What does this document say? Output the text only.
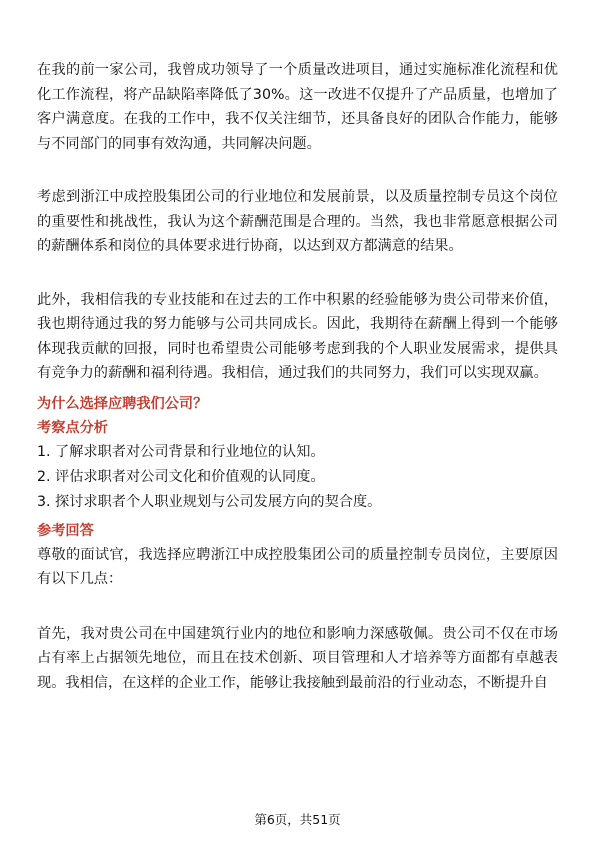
在我的前一家公司，我曾成功领导了一个质量改进项目，通过实施标准化流程和优化工作流程，将产品缺陷率降低了30%。这一改进不仅提升了产品质量，也增加了客户满意度。在我的工作中，我不仅关注细节，还具备良好的团队合作能力，能够与不同部门的同事有效沟通，共同解决问题。

考虑到浙江中成控股集团公司的行业地位和发展前景，以及质量控制专员这个岗位的重要性和挑战性，我认为这个薪酬范围是合理的。当然，我也非常愿意根据公司的薪酬体系和岗位的具体要求进行协商，以达到双方都满意的结果。

此外，我相信我的专业技能和在过去的工作中积累的经验能够为贵公司带来价值，我也期待通过我的努力能够与公司共同成长。因此，我期待在薪酬上得到一个能够体现我贡献的回报，同时也希望贵公司能够考虑到我的个人职业发展需求，提供具有竞争力的薪酬和福利待遇。我相信，通过我们的共同努力，我们可以实现双赢。

为什么选择应聘我们公司？

考察点分析

1. 了解求职者对公司背景和行业地位的认知。
2. 评估求职者对公司文化和价值观的认同度。
3. 探讨求职者个人职业规划与公司发展方向的契合度。

参考回答

尊敬的面试官，我选择应聘浙江中成控股集团公司的质量控制专员岗位，主要原因有以下几点：

首先，我对贵公司在中国建筑行业内的地位和影响力深感敬佩。贵公司不仅在市场占有率上占据领先地位，而且在技术创新、项目管理和人才培养等方面都有卓越表现。我相信，在这样的企业工作，能够让我接触到最前沿的行业动态，不断提升自

第6页，共51页
